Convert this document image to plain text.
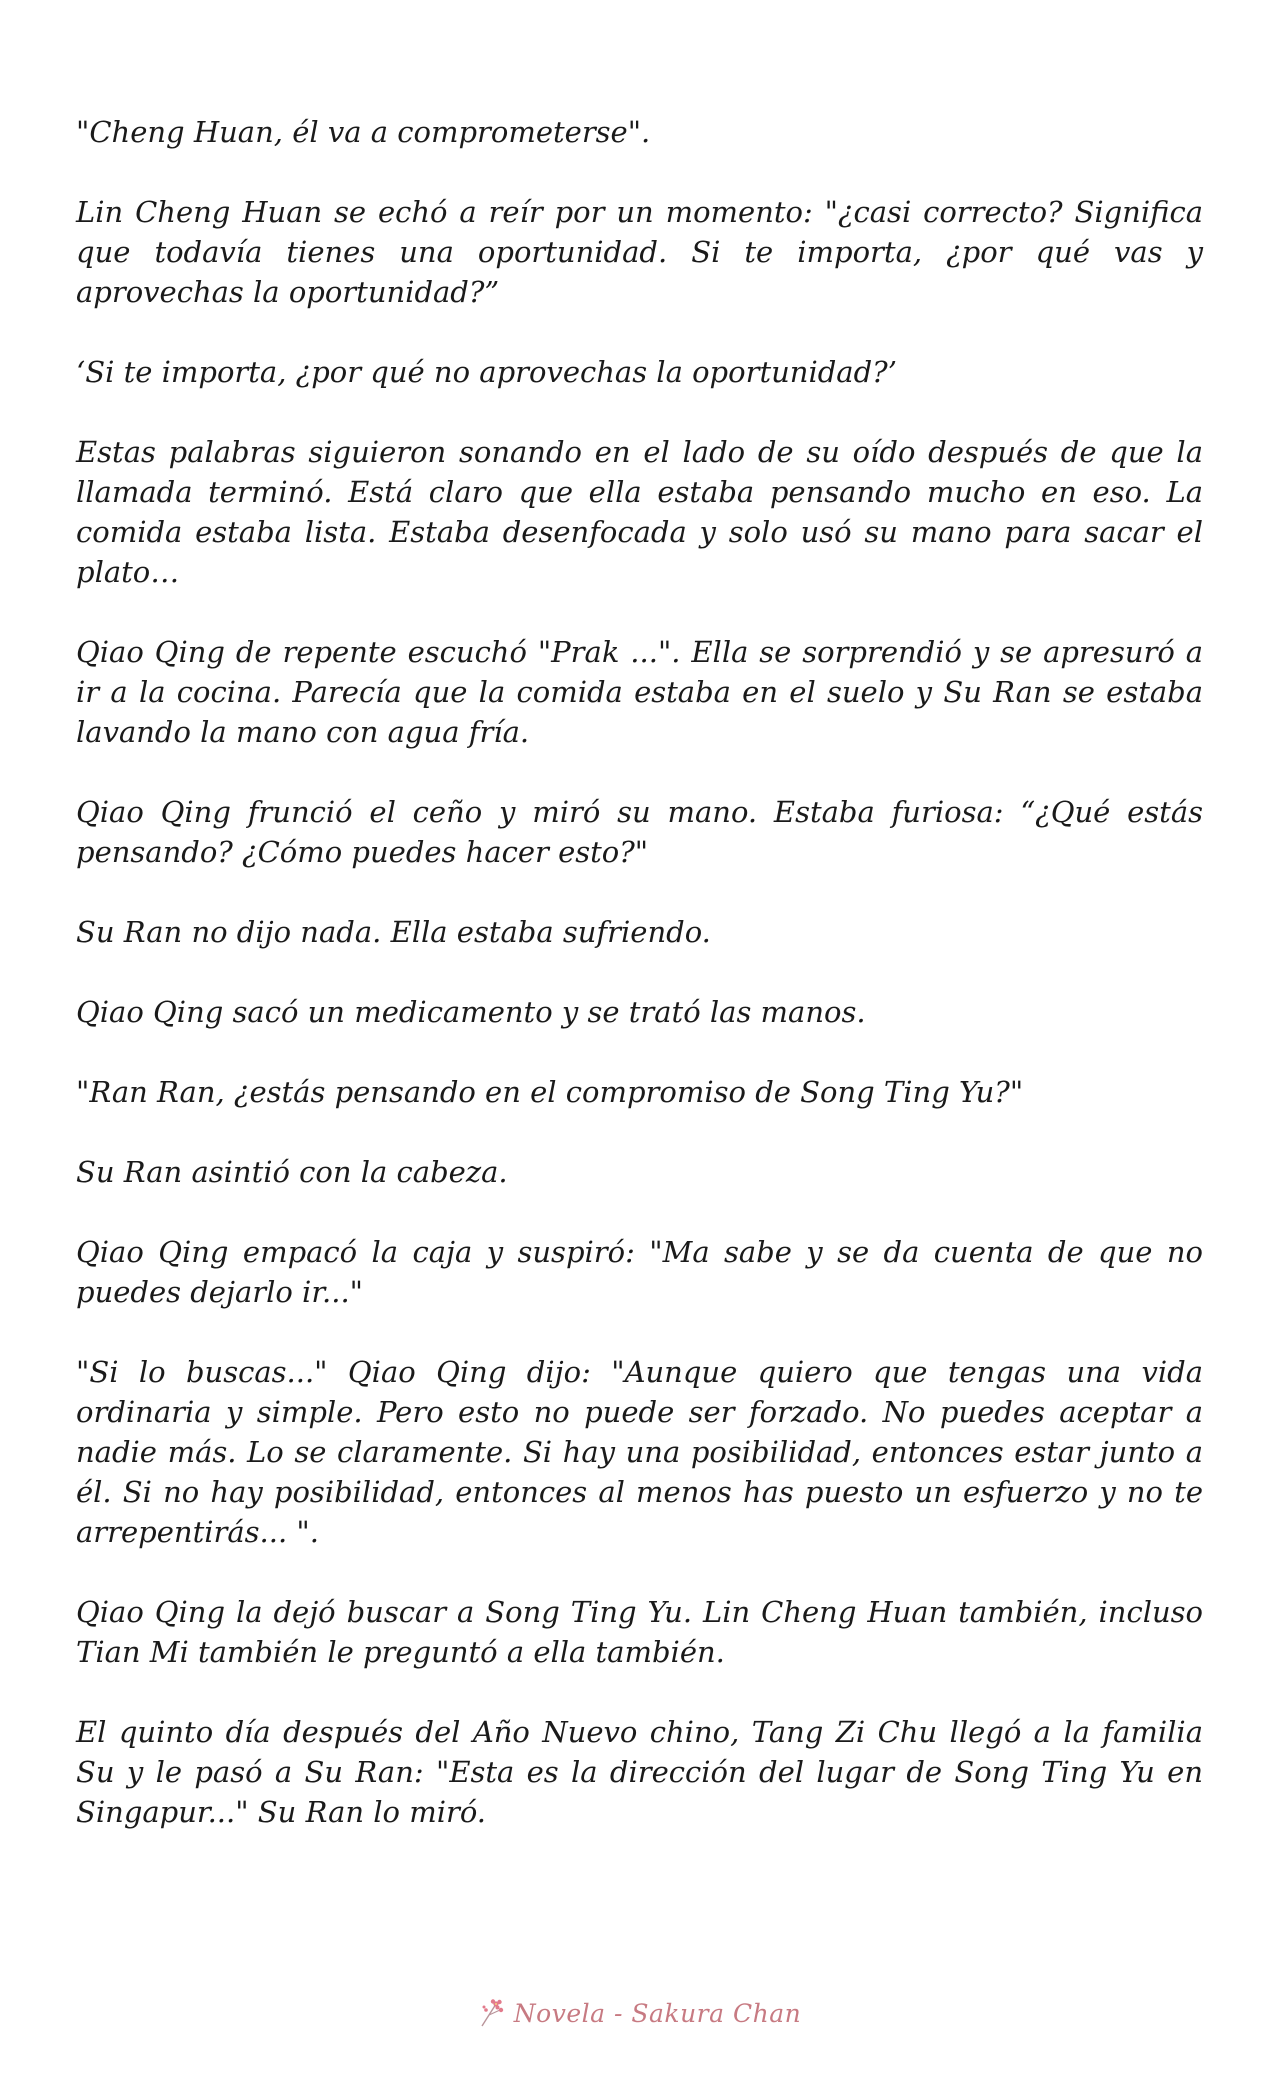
"Cheng Huan, él va a comprometerse".

Lin Cheng Huan se echó a reír por un momento: "¿casi correcto? Significa que todavía tienes una oportunidad. Si te importa, ¿por qué vas y aprovechas la oportunidad?”

‘Si te importa, ¿por qué no aprovechas la oportunidad?’

Estas palabras siguieron sonando en el lado de su oído después de que la llamada terminó. Está claro que ella estaba pensando mucho en eso. La comida estaba lista. Estaba desenfocada y solo usó su mano para sacar el plato…

Qiao Qing de repente escuchó "Prak ...". Ella se sorprendió y se apresuró a ir a la cocina. Parecía que la comida estaba en el suelo y Su Ran se estaba lavando la mano con agua fría.

Qiao Qing frunció el ceño y miró su mano. Estaba furiosa: “¿Qué estás pensando? ¿Cómo puedes hacer esto?"

Su Ran no dijo nada. Ella estaba sufriendo.

Qiao Qing sacó un medicamento y se trató las manos.

"Ran Ran, ¿estás pensando en el compromiso de Song Ting Yu?"

Su Ran asintió con la cabeza.

Qiao Qing empacó la caja y suspiró: "Ma sabe y se da cuenta de que no puedes dejarlo ir..."

"Si lo buscas..." Qiao Qing dijo: "Aunque quiero que tengas una vida ordinaria y simple. Pero esto no puede ser forzado. No puedes aceptar a nadie más. Lo se claramente. Si hay una posibilidad, entonces estar junto a él. Si no hay posibilidad, entonces al menos has puesto un esfuerzo y no te arrepentirás... ".

Qiao Qing la dejó buscar a Song Ting Yu. Lin Cheng Huan también, incluso Tian Mi también le preguntó a ella también.

El quinto día después del Año Nuevo chino, Tang Zi Chu llegó a la familia Su y le pasó a Su Ran: "Esta es la dirección del lugar de Song Ting Yu en Singapur..." Su Ran lo miró.

Novela - Sakura Chan
